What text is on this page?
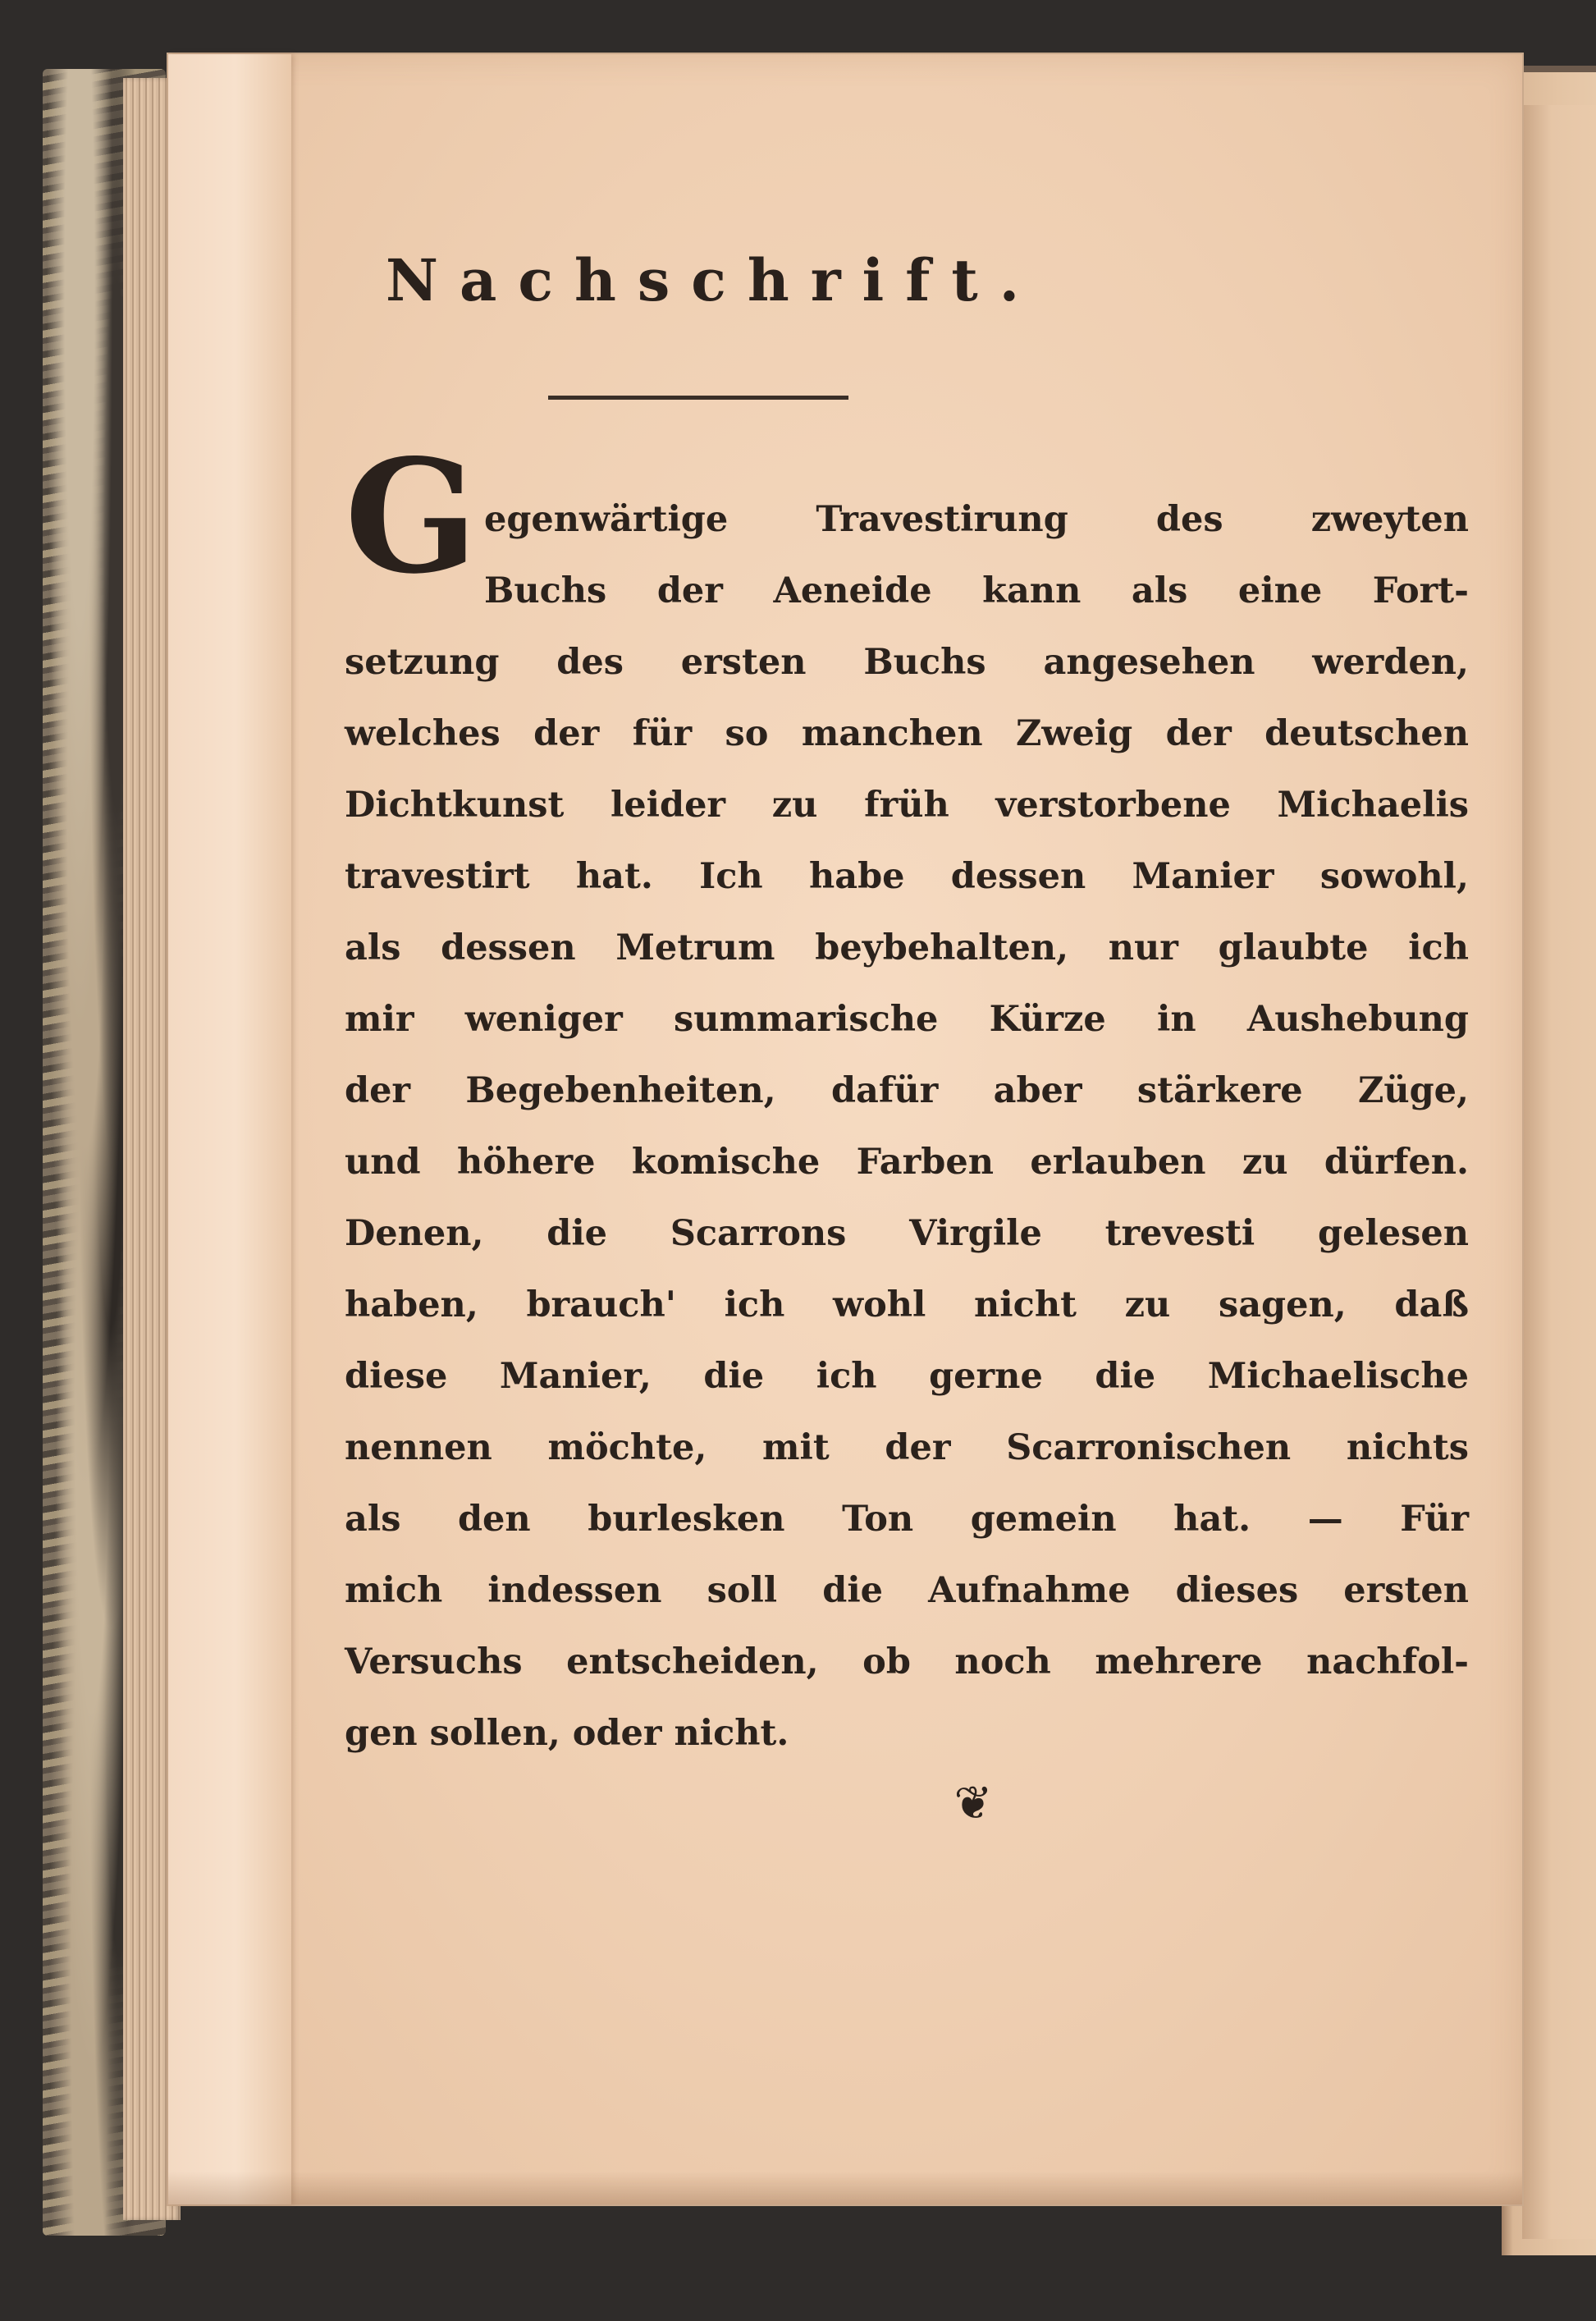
Nachschrift.
G egenwärtige Travestirung des zweyten
Buchs der Aeneide kann als eine Fort-
setzung des ersten Buchs angesehen werden,
welches der für so manchen Zweig der deutschen
Dichtkunst leider zu früh verstorbene Michaelis
travestirt hat. Ich habe dessen Manier sowohl,
als dessen Metrum beybehalten, nur glaubte ich
mir weniger summarische Kürze in Aushebung
der Begebenheiten, dafür aber stärkere Züge,
und höhere komische Farben erlauben zu dürfen.
Denen, die Scarrons Virgile trevesti gelesen
haben, brauch' ich wohl nicht zu sagen, daß
diese Manier, die ich gerne die Michaelische
nennen möchte, mit der Scarronischen nichts
als den burlesken Ton gemein hat. — Für
mich indessen soll die Aufnahme dieses ersten
Versuchs entscheiden, ob noch mehrere nachfol-
gen sollen, oder nicht.
❦
